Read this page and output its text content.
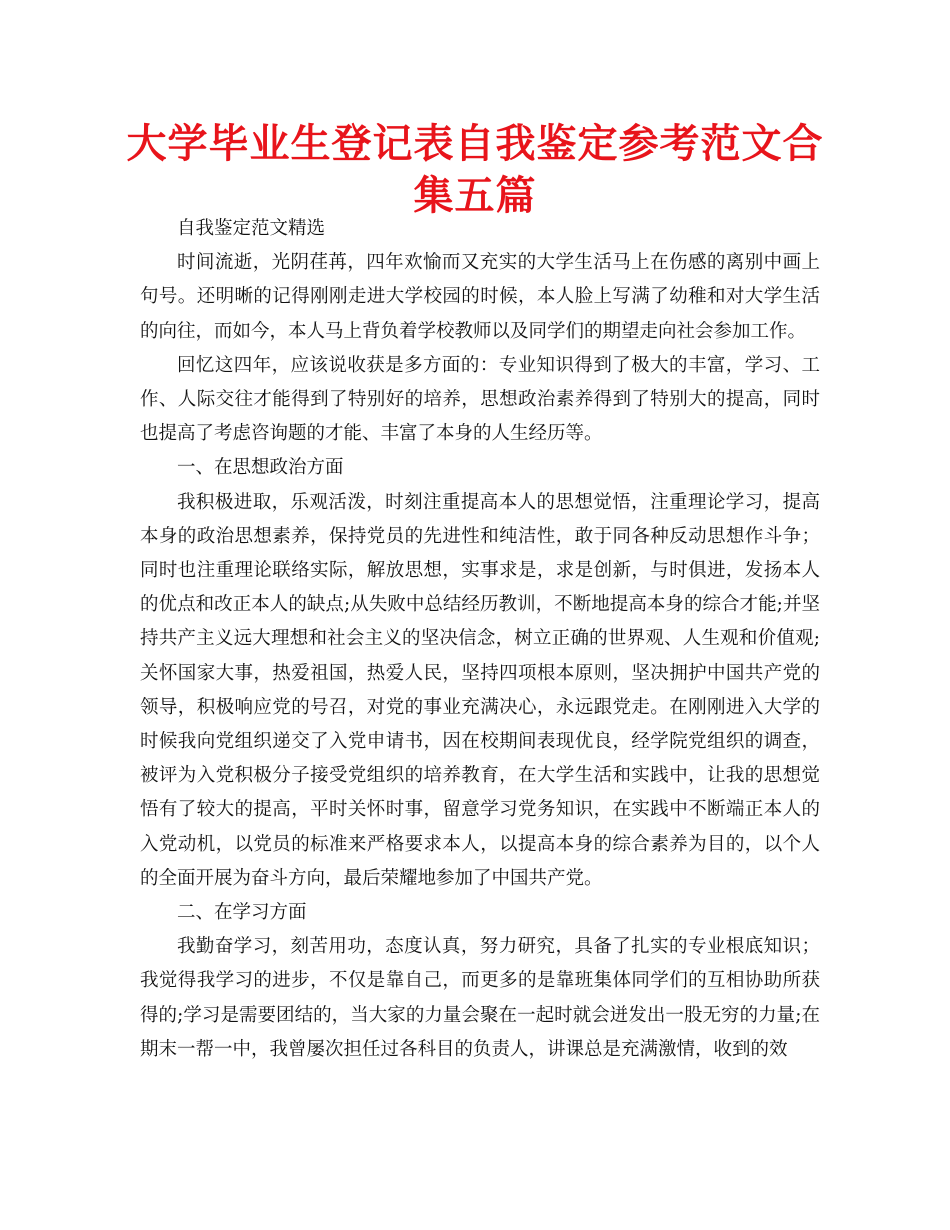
大学毕业生登记表自我鉴定参考范文合集五篇

自我鉴定范文精选

时间流逝，光阴荏苒，四年欢愉而又充实的大学生活马上在伤感的离别中画上句号。还明晰的记得刚刚走进大学校园的时候，本人脸上写满了幼稚和对大学生活的向往，而如今，本人马上背负着学校教师以及同学们的期望走向社会参加工作。

回忆这四年，应该说收获是多方面的：专业知识得到了极大的丰富，学习、工作、人际交往才能得到了特别好的培养，思想政治素养得到了特别大的提高，同时也提高了考虑咨询题的才能、丰富了本身的人生经历等。

一、在思想政治方面

我积极进取，乐观活泼，时刻注重提高本人的思想觉悟，注重理论学习，提高本身的政治思想素养，保持党员的先进性和纯洁性，敢于同各种反动思想作斗争；同时也注重理论联络实际，解放思想，实事求是，求是创新，与时俱进，发扬本人的优点和改正本人的缺点;从失败中总结经历教训，不断地提高本身的综合才能;并坚持共产主义远大理想和社会主义的坚决信念，树立正确的世界观、人生观和价值观;关怀国家大事，热爱祖国，热爱人民，坚持四项根本原则，坚决拥护中国共产党的领导，积极响应党的号召，对党的事业充满决心，永远跟党走。在刚刚进入大学的时候我向党组织递交了入党申请书，因在校期间表现优良，经学院党组织的调查，被评为入党积极分子接受党组织的培养教育，在大学生活和实践中，让我的思想觉悟有了较大的提高，平时关怀时事，留意学习党务知识，在实践中不断端正本人的入党动机，以党员的标准来严格要求本人，以提高本身的综合素养为目的，以个人的全面开展为奋斗方向，最后荣耀地参加了中国共产党。

二、在学习方面

我勤奋学习，刻苦用功，态度认真，努力研究，具备了扎实的专业根底知识；我觉得我学习的进步，不仅是靠自己，而更多的是靠班集体同学们的互相协助所获得的;学习是需要团结的，当大家的力量会聚在一起时就会迸发出一股无穷的力量;在期末一帮一中，我曾屡次担任过各科目的负责人，讲课总是充满激情，收到的效
